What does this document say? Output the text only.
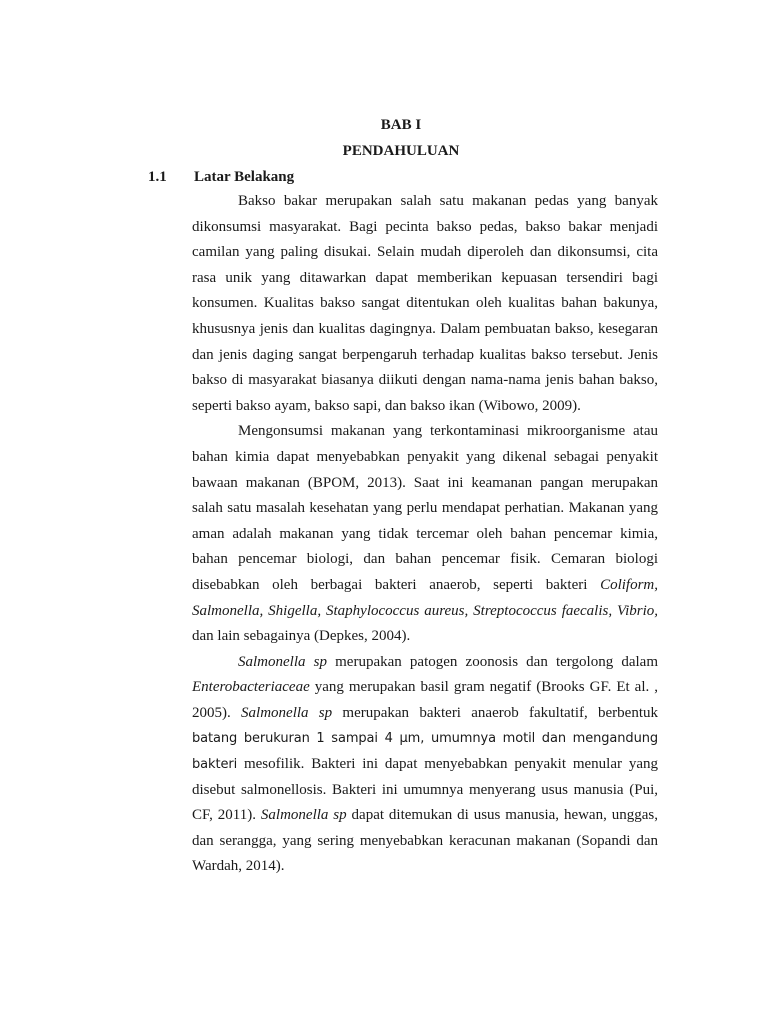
BAB I
PENDAHULUAN
1.1 Latar Belakang

Bakso bakar merupakan salah satu makanan pedas yang banyak dikonsumsi masyarakat. Bagi pecinta bakso pedas, bakso bakar menjadi camilan yang paling disukai. Selain mudah diperoleh dan dikonsumsi, cita rasa unik yang ditawarkan dapat memberikan kepuasan tersendiri bagi konsumen. Kualitas bakso sangat ditentukan oleh kualitas bahan bakunya, khususnya jenis dan kualitas dagingnya. Dalam pembuatan bakso, kesegaran dan jenis daging sangat berpengaruh terhadap kualitas bakso tersebut. Jenis bakso di masyarakat biasanya diikuti dengan nama-nama jenis bahan bakso, seperti bakso ayam, bakso sapi, dan bakso ikan (Wibowo, 2009).

Mengonsumsi makanan yang terkontaminasi mikroorganisme atau bahan kimia dapat menyebabkan penyakit yang dikenal sebagai penyakit bawaan makanan (BPOM, 2013). Saat ini keamanan pangan merupakan salah satu masalah kesehatan yang perlu mendapat perhatian. Makanan yang aman adalah makanan yang tidak tercemar oleh bahan pencemar kimia, bahan pencemar biologi, dan bahan pencemar fisik. Cemaran biologi disebabkan oleh berbagai bakteri anaerob, seperti bakteri Coliform, Salmonella, Shigella, Staphylococcus aureus, Streptococcus faecalis, Vibrio, dan lain sebagainya (Depkes, 2004).

Salmonella sp merupakan patogen zoonosis dan tergolong dalam Enterobacteriaceae yang merupakan basil gram negatif (Brooks GF. Et al. , 2005). Salmonella sp merupakan bakteri anaerob fakultatif, berbentuk batang berukuran 1 sampai 4 μm, umumnya motil dan mengandung bakteri mesofilik. Bakteri ini dapat menyebabkan penyakit menular yang disebut salmonellosis. Bakteri ini umumnya menyerang usus manusia (Pui, CF, 2011). Salmonella sp dapat ditemukan di usus manusia, hewan, unggas, dan serangga, yang sering menyebabkan keracunan makanan (Sopandi dan Wardah, 2014).
